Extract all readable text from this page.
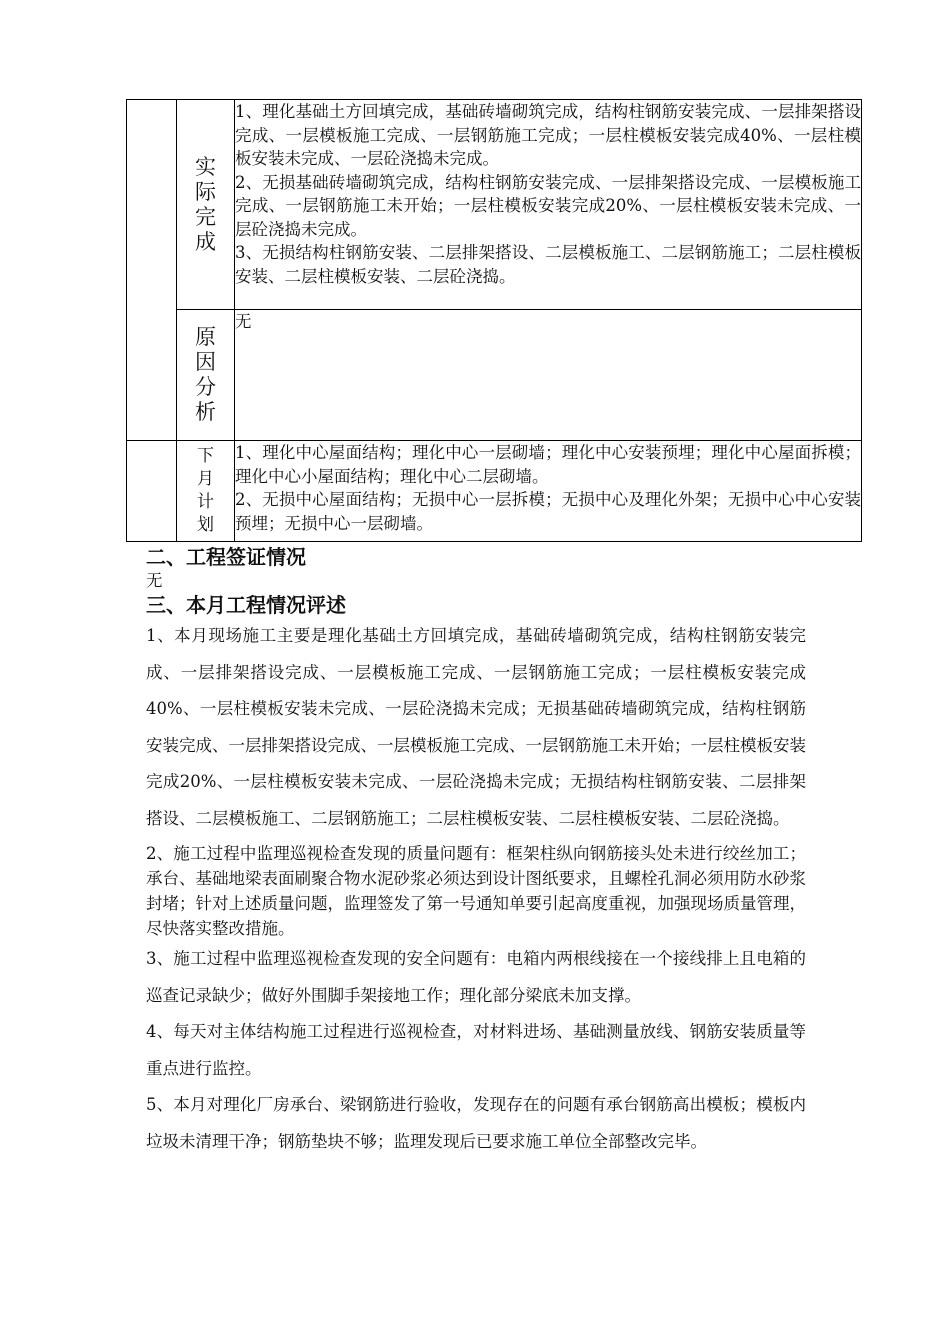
	实际完成	1、理化基础土方回填完成，基础砖墙砌筑完成，结构柱钢筋安装完成、一层排架搭设完成、一层模板施工完成、一层钢筋施工完成；一层柱模板安装完成40%、一层柱模板安装未完成、一层砼浇捣未完成。

2、无损基础砖墙砌筑完成，结构柱钢筋安装完成、一层排架搭设完成、一层模板施工完成、一层钢筋施工未开始；一层柱模板安装完成20%、一层柱模板安装未完成、一层砼浇捣未完成。

3、无损结构柱钢筋安装、二层排架搭设、二层模板施工、二层钢筋施工；二层柱模板安装、二层柱模板安装、二层砼浇捣。

	原因分析	无

	下月计划	1、理化中心屋面结构；理化中心一层砌墙；理化中心安装预埋；理化中心屋面拆模；理化中心小屋面结构；理化中心二层砌墙。

2、无损中心屋面结构；无损中心一层拆模；无损中心及理化外架；无损中心中心安装预埋；无损中心一层砌墙。

二、工程签证情况

无

三、本月工程情况评述

1、本月现场施工主要是理化基础土方回填完成，基础砖墙砌筑完成，结构柱钢筋安装完成、一层排架搭设完成、一层模板施工完成、一层钢筋施工完成；一层柱模板安装完成40%、一层柱模板安装未完成、一层砼浇捣未完成；无损基础砖墙砌筑完成，结构柱钢筋安装完成、一层排架搭设完成、一层模板施工完成、一层钢筋施工未开始；一层柱模板安装完成20%、一层柱模板安装未完成、一层砼浇捣未完成；无损结构柱钢筋安装、二层排架搭设、二层模板施工、二层钢筋施工；二层柱模板安装、二层柱模板安装、二层砼浇捣。

2、施工过程中监理巡视检查发现的质量问题有：框架柱纵向钢筋接头处未进行绞丝加工；承台、基础地梁表面刷聚合物水泥砂浆必须达到设计图纸要求，且螺栓孔洞必须用防水砂浆封堵；针对上述质量问题，监理签发了第一号通知单要引起高度重视，加强现场质量管理，尽快落实整改措施。

3、施工过程中监理巡视检查发现的安全问题有：电箱内两根线接在一个接线排上且电箱的巡查记录缺少；做好外围脚手架接地工作；理化部分梁底未加支撑。

4、每天对主体结构施工过程进行巡视检查，对材料进场、基础测量放线、钢筋安装质量等重点进行监控。

5、本月对理化厂房承台、梁钢筋进行验收，发现存在的问题有承台钢筋高出模板；模板内垃圾未清理干净；钢筋垫块不够；监理发现后已要求施工单位全部整改完毕。
